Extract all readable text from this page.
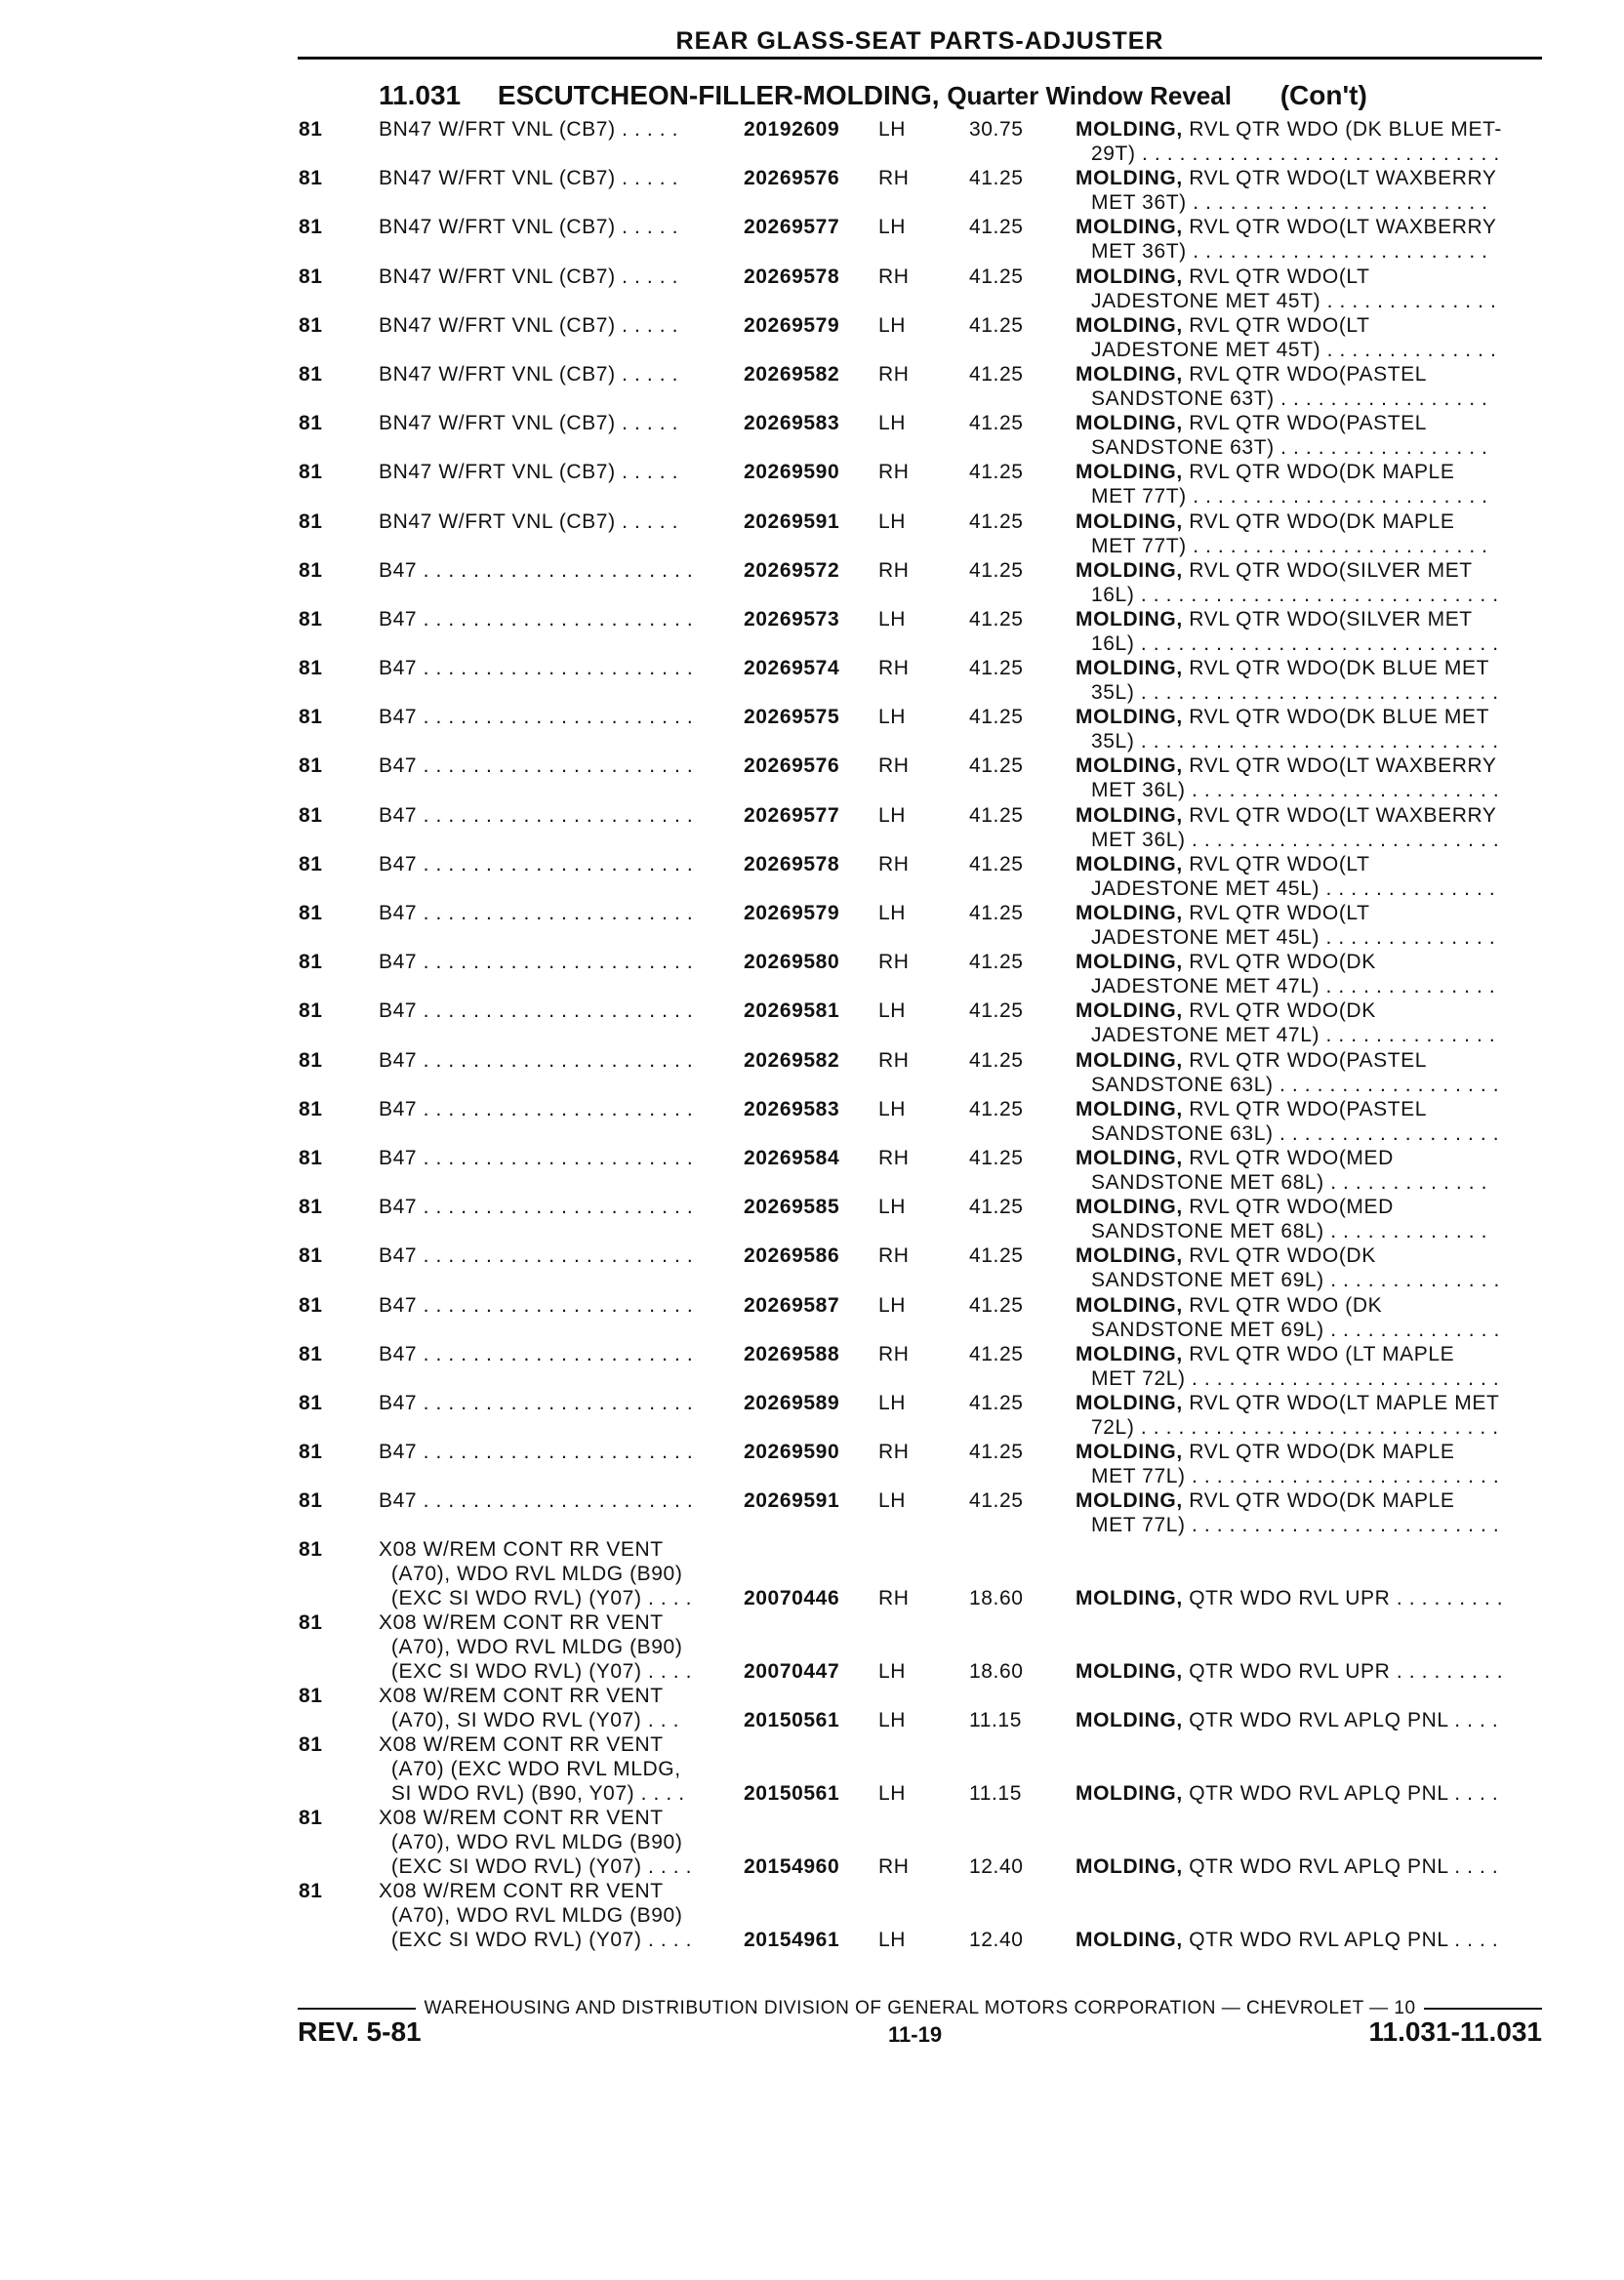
REAR GLASS-SEAT PARTS-ADJUSTER
11.031 ESCUTCHEON-FILLER-MOLDING, Quarter Window Reveal (Con't)
81	BN47 W/FRT VNL (CB7) . . . . .	20192609 LH	30.75	MOLDING, RVL QTR WDO (DK BLUE MET-
29T) . . . . . . . . . . . . . . . . . . . . . . . . . . . . .
81	BN47 W/FRT VNL (CB7) . . . . .	20269576 RH	41.25	MOLDING, RVL QTR WDO(LT WAXBERRY
MET 36T) . . . . . . . . . . . . . . . . . . . . . . . .
81	BN47 W/FRT VNL (CB7) . . . . .	20269577 LH	41.25	MOLDING, RVL QTR WDO(LT WAXBERRY
MET 36T) . . . . . . . . . . . . . . . . . . . . . . . .
81	BN47 W/FRT VNL (CB7) . . . . .	20269578 RH	41.25	MOLDING, RVL QTR WDO(LT
JADESTONE MET 45T) . . . . . . . . . . . . . .
81	BN47 W/FRT VNL (CB7) . . . . .	20269579 LH	41.25	MOLDING, RVL QTR WDO(LT
JADESTONE MET 45T) . . . . . . . . . . . . . .
81	BN47 W/FRT VNL (CB7) . . . . .	20269582 RH	41.25	MOLDING, RVL QTR WDO(PASTEL
SANDSTONE 63T) . . . . . . . . . . . . . . . . .
81	BN47 W/FRT VNL (CB7) . . . . .	20269583 LH	41.25	MOLDING, RVL QTR WDO(PASTEL
SANDSTONE 63T) . . . . . . . . . . . . . . . . .
81	BN47 W/FRT VNL (CB7) . . . . .	20269590 RH	41.25	MOLDING, RVL QTR WDO(DK MAPLE
MET 77T) . . . . . . . . . . . . . . . . . . . . . . . .
81	BN47 W/FRT VNL (CB7) . . . . .	20269591 LH	41.25	MOLDING, RVL QTR WDO(DK MAPLE
MET 77T) . . . . . . . . . . . . . . . . . . . . . . . .
81	B47 . . . . . . . . . . . . . . . . . . . . . . 20269572 RH	41.25	MOLDING, RVL QTR WDO(SILVER MET
16L) . . . . . . . . . . . . . . . . . . . . . . . . . . . . .
81	B47 . . . . . . . . . . . . . . . . . . . . . . 20269573 LH	41.25	MOLDING, RVL QTR WDO(SILVER MET
16L) . . . . . . . . . . . . . . . . . . . . . . . . . . . . .
81	B47 . . . . . . . . . . . . . . . . . . . . . . 20269574 RH	41.25	MOLDING, RVL QTR WDO(DK BLUE MET
35L) . . . . . . . . . . . . . . . . . . . . . . . . . . . . .
81	B47 . . . . . . . . . . . . . . . . . . . . . . 20269575 LH	41.25	MOLDING, RVL QTR WDO(DK BLUE MET
35L) . . . . . . . . . . . . . . . . . . . . . . . . . . . . .
81	B47 . . . . . . . . . . . . . . . . . . . . . . 20269576 RH	41.25	MOLDING, RVL QTR WDO(LT WAXBERRY
MET 36L) . . . . . . . . . . . . . . . . . . . . . . . . .
81	B47 . . . . . . . . . . . . . . . . . . . . . . 20269577 LH	41.25	MOLDING, RVL QTR WDO(LT WAXBERRY
MET 36L) . . . . . . . . . . . . . . . . . . . . . . . . .
81	B47 . . . . . . . . . . . . . . . . . . . . . . 20269578 RH	41.25	MOLDING, RVL QTR WDO(LT
JADESTONE MET 45L) . . . . . . . . . . . . . .
81	B47 . . . . . . . . . . . . . . . . . . . . . . 20269579 LH	41.25	MOLDING, RVL QTR WDO(LT
JADESTONE MET 45L) . . . . . . . . . . . . . .
81	B47 . . . . . . . . . . . . . . . . . . . . . . 20269580 RH	41.25	MOLDING, RVL QTR WDO(DK
JADESTONE MET 47L) . . . . . . . . . . . . . .
81	B47 . . . . . . . . . . . . . . . . . . . . . . 20269581 LH	41.25	MOLDING, RVL QTR WDO(DK
JADESTONE MET 47L) . . . . . . . . . . . . . .
81	B47 . . . . . . . . . . . . . . . . . . . . . . 20269582 RH	41.25	MOLDING, RVL QTR WDO(PASTEL
SANDSTONE 63L) . . . . . . . . . . . . . . . . . .
81	B47 . . . . . . . . . . . . . . . . . . . . . . 20269583 LH	41.25	MOLDING, RVL QTR WDO(PASTEL
SANDSTONE 63L) . . . . . . . . . . . . . . . . . .
81	B47 . . . . . . . . . . . . . . . . . . . . . . 20269584 RH	41.25	MOLDING, RVL QTR WDO(MED
SANDSTONE MET 68L) . . . . . . . . . . . . .
81	B47 . . . . . . . . . . . . . . . . . . . . . . 20269585 LH	41.25	MOLDING, RVL QTR WDO(MED
SANDSTONE MET 68L) . . . . . . . . . . . . .
81	B47 . . . . . . . . . . . . . . . . . . . . . . 20269586 RH	41.25	MOLDING, RVL QTR WDO(DK
SANDSTONE MET 69L) . . . . . . . . . . . . . .
81	B47 . . . . . . . . . . . . . . . . . . . . . . 20269587 LH	41.25	MOLDING, RVL QTR WDO (DK
SANDSTONE MET 69L) . . . . . . . . . . . . . .
81	B47 . . . . . . . . . . . . . . . . . . . . . . 20269588 RH	41.25	MOLDING, RVL QTR WDO (LT MAPLE
MET 72L) . . . . . . . . . . . . . . . . . . . . . . . . .
81	B47 . . . . . . . . . . . . . . . . . . . . . . 20269589 LH	41.25	MOLDING, RVL QTR WDO(LT MAPLE MET
72L) . . . . . . . . . . . . . . . . . . . . . . . . . . . . .
81	B47 . . . . . . . . . . . . . . . . . . . . . . 20269590 RH	41.25	MOLDING, RVL QTR WDO(DK MAPLE
MET 77L) . . . . . . . . . . . . . . . . . . . . . . . . .
81	B47 . . . . . . . . . . . . . . . . . . . . . . 20269591 LH	41.25	MOLDING, RVL QTR WDO(DK MAPLE
MET 77L) . . . . . . . . . . . . . . . . . . . . . . . . .
81	X08 W/REM CONT RR VENT
(A70), WDO RVL MLDG (B90)
(EXC SI WDO RVL) (Y07) . . . .	20070446 RH	18.60	MOLDING, QTR WDO RVL UPR . . . . . . . . .
81	X08 W/REM CONT RR VENT
(A70), WDO RVL MLDG (B90)
(EXC SI WDO RVL) (Y07) . . . .	20070447 LH	18.60	MOLDING, QTR WDO RVL UPR . . . . . . . . .
81	X08 W/REM CONT RR VENT
(A70), SI WDO RVL (Y07) . . .	20150561 LH	11.15	MOLDING, QTR WDO RVL APLQ PNL . . . .
81	X08 W/REM CONT RR VENT
(A70) (EXC WDO RVL MLDG,
SI WDO RVL) (B90, Y07) . . . .	20150561 LH	11.15	MOLDING, QTR WDO RVL APLQ PNL . . . .
81	X08 W/REM CONT RR VENT
(A70), WDO RVL MLDG (B90)
(EXC SI WDO RVL) (Y07) . . . .	20154960 RH	12.40	MOLDING, QTR WDO RVL APLQ PNL . . . .
81	X08 W/REM CONT RR VENT
(A70), WDO RVL MLDG (B90)
(EXC SI WDO RVL) (Y07) . . . .	20154961 LH	12.40	MOLDING, QTR WDO RVL APLQ PNL . . . .
WAREHOUSING AND DISTRIBUTION DIVISION OF GENERAL MOTORS CORPORATION — CHEVROLET — 10
REV. 5-81	11-19	11.031-11.031
